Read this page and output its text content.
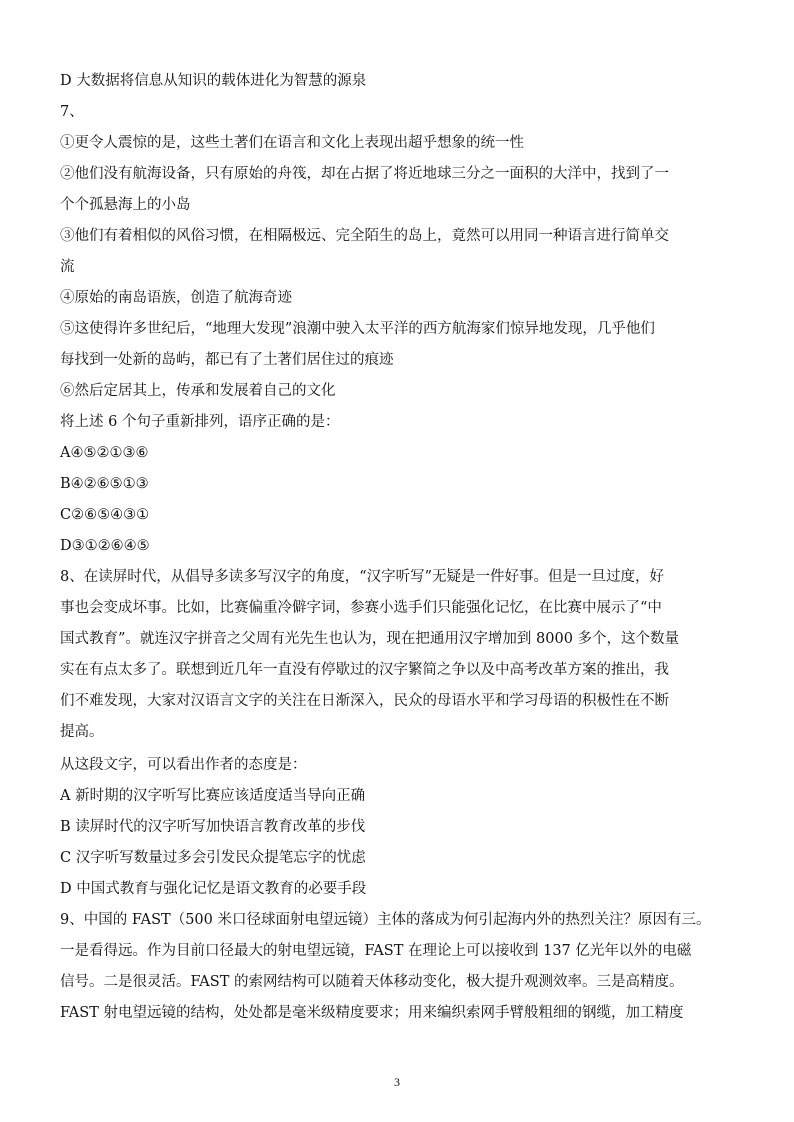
D 大数据将信息从知识的载体进化为智慧的源泉
7、
①更令人震惊的是，这些土著们在语言和文化上表现出超乎想象的统一性
②他们没有航海设备，只有原始的舟筏，却在占据了将近地球三分之一面积的大洋中，找到了一
个个孤悬海上的小岛
③他们有着相似的风俗习惯，在相隔极远、完全陌生的岛上，竟然可以用同一种语言进行简单交
流
④原始的南岛语族，创造了航海奇迹
⑤这使得许多世纪后，“地理大发现”浪潮中驶入太平洋的西方航海家们惊异地发现，几乎他们
每找到一处新的岛屿，都已有了土著们居住过的痕迹
⑥然后定居其上，传承和发展着自己的文化
将上述 6 个句子重新排列，语序正确的是：
A④⑤②①③⑥
B④②⑥⑤①③
C②⑥⑤④③①
D③①②⑥④⑤
8、在读屏时代，从倡导多读多写汉字的角度，“汉字听写”无疑是一件好事。但是一旦过度，好
事也会变成坏事。比如，比赛偏重冷僻字词，参赛小选手们只能强化记忆，在比赛中展示了“中
国式教育”。就连汉字拼音之父周有光先生也认为，现在把通用汉字增加到 8000 多个，这个数量
实在有点太多了。联想到近几年一直没有停歇过的汉字繁简之争以及中高考改革方案的推出，我
们不难发现，大家对汉语言文字的关注在日渐深入，民众的母语水平和学习母语的积极性在不断
提高。
从这段文字，可以看出作者的态度是：
A 新时期的汉字听写比赛应该适度适当导向正确
B 读屏时代的汉字听写加快语言教育改革的步伐
C 汉字听写数量过多会引发民众提笔忘字的忧虑
D 中国式教育与强化记忆是语文教育的必要手段
9、中国的 FAST（500 米口径球面射电望远镜）主体的落成为何引起海内外的热烈关注？原因有三。
一是看得远。作为目前口径最大的射电望远镜，FAST 在理论上可以接收到 137 亿光年以外的电磁
信号。二是很灵活。FAST 的索网结构可以随着天体移动变化，极大提升观测效率。三是高精度。
FAST 射电望远镜的结构，处处都是毫米级精度要求；用来编织索网手臂般粗细的钢缆，加工精度
3
